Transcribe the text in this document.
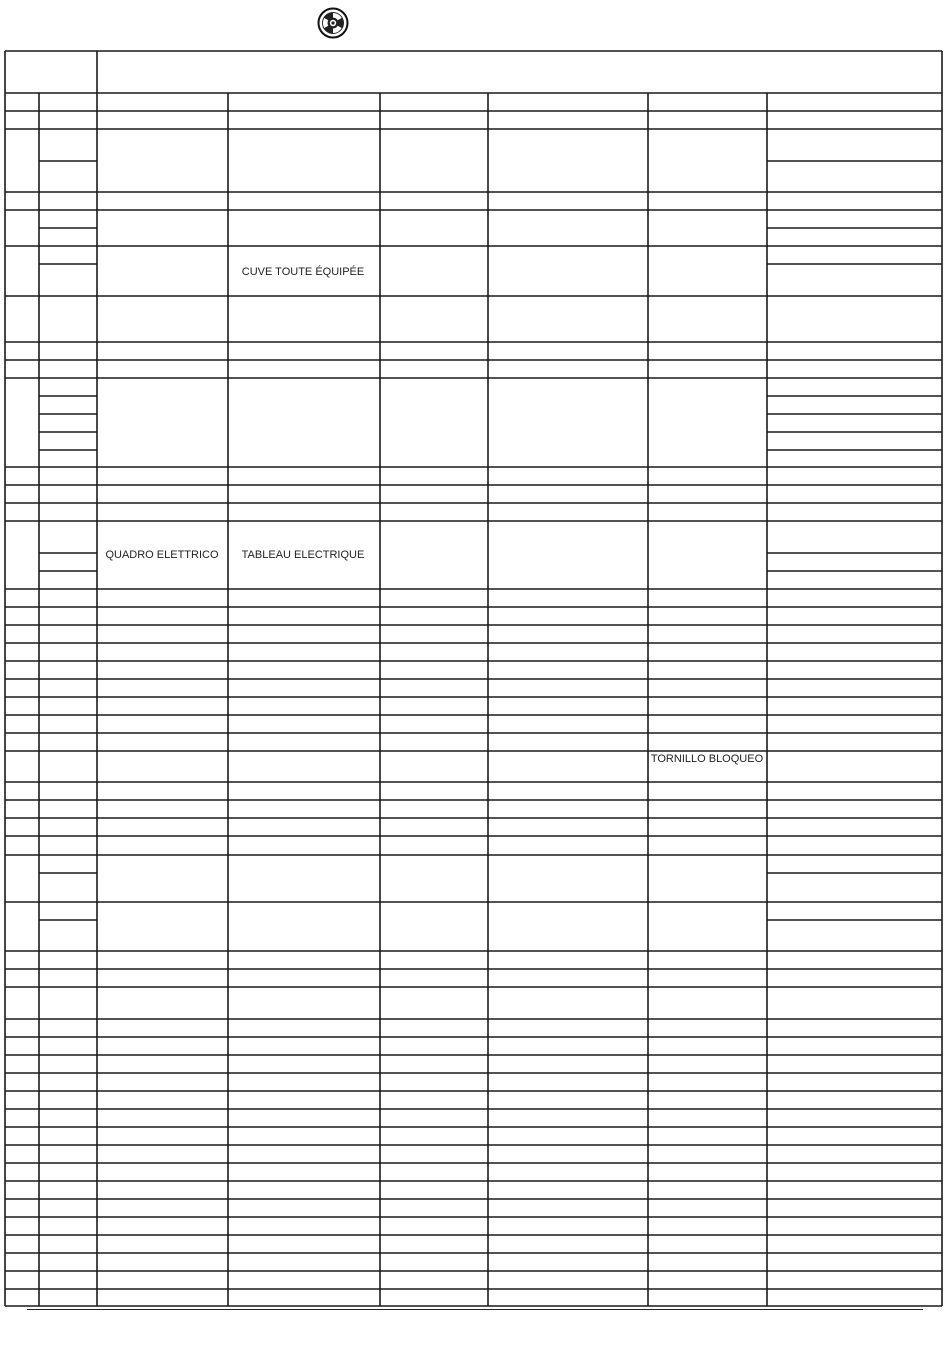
CUVE TOUTE ÉQUIPÉE
QUADRO ELETTRICO TABLEAU ELECTRIQUE
TORNILLO BLOQUEO
